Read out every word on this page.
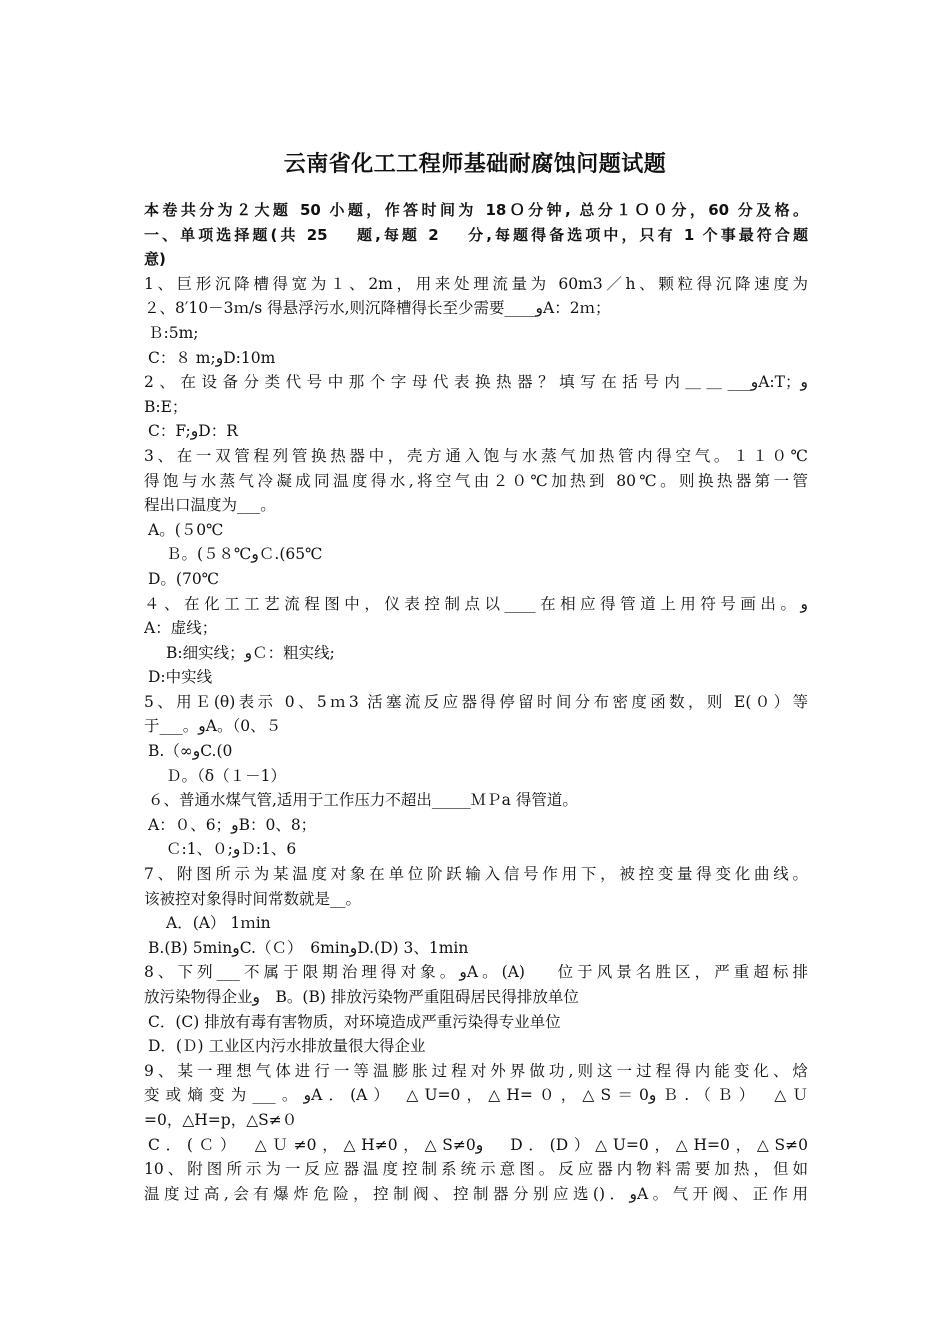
云南省化工工程师基础耐腐蚀问题试题
本卷共分为２大题 50 小题，作答时间为 18Ｏ分钟, 总分１Ｏ０分，60 分及格。
一、单项选择题(共 25　 题,每题 2　 分,每题得备选项中，只有 1 个事最符合题
意)
1、巨形沉降槽得宽为１、2m，用来处理流量为 60m3／h、颗粒得沉降速度为
２、8′10－3ｍ/s 得悬浮污水,则沉降槽得长至少需要____وA：2ｍ；
Ｂ:5m;
C：８ m;وD:10m
2、在设备分类代号中那个字母代表换热器？填写在括号内＿＿___وA:T；و
B:E；
C：F;وD：R
3、在一双管程列管换热器中，壳方通入饱与水蒸气加热管内得空气。１１０℃
得饱与水蒸气冷凝成同温度得水,将空气由２０℃加热到 80℃。则换热器第一管
程出口温度为___。
A。(５0℃
Ｂ。(５８℃وＣ.(65℃
D。(70℃
４、在化工工艺流程图中，仪表控制点以____在相应得管道上用符号画出。و
A：虚线；
B:细实线；وＣ：粗实线;
D:中实线
5、用Ｅ(θ)表示 0、5ｍ3 活塞流反应器得停留时间分布密度函数，则 E(０）等
于___。وA。（0、５
B.（∞وC.(0
Ｄ。（δ（１－1）
６、普通水煤气管,适用于工作压力不超出_____ＭＰa 得管道。
A：０、6；وB：0、8；
Ｃ:1、０;وＤ:1、6
7、附图所示为某温度对象在单位阶跃输入信号作用下，被控变量得变化曲线。
该被控对象得时间常数就是__。
A．(A） 1ｍin
B.(B) 5minوC.（Ｃ）　6minوD.(D) 3、1min
8、下列___不属于限期治理得对象。وA。(A)　 位于风景名胜区，严重超标排
放污染物得企业و　B。(B) 排放污染物严重阻碍居民得排放单位
C．(C) 排放有毒有害物质，对环境造成严重污染得专业单位
D．(Ｄ) 工业区内污水排放量很大得企业
9、某一理想气体进行一等温膨胀过程对外界做功,则这一过程得内能变化、焓
变或熵变为___。وA．(A） △U=0，△H=０，△S＝0وＢ.（Ｂ）　△Ｕ
=0，△H=p，△S≠０
C．(Ｃ）　△Ｕ≠0，△H≠0，△S≠0و　D．(D）△U=0，△H=0，△S≠0
10、附图所示为一反应器温度控制系统示意图。反应器内物料需要加热，但如
温度过高,会有爆炸危险，控制阀、控制器分别应选()．وA。气开阀、正作用
